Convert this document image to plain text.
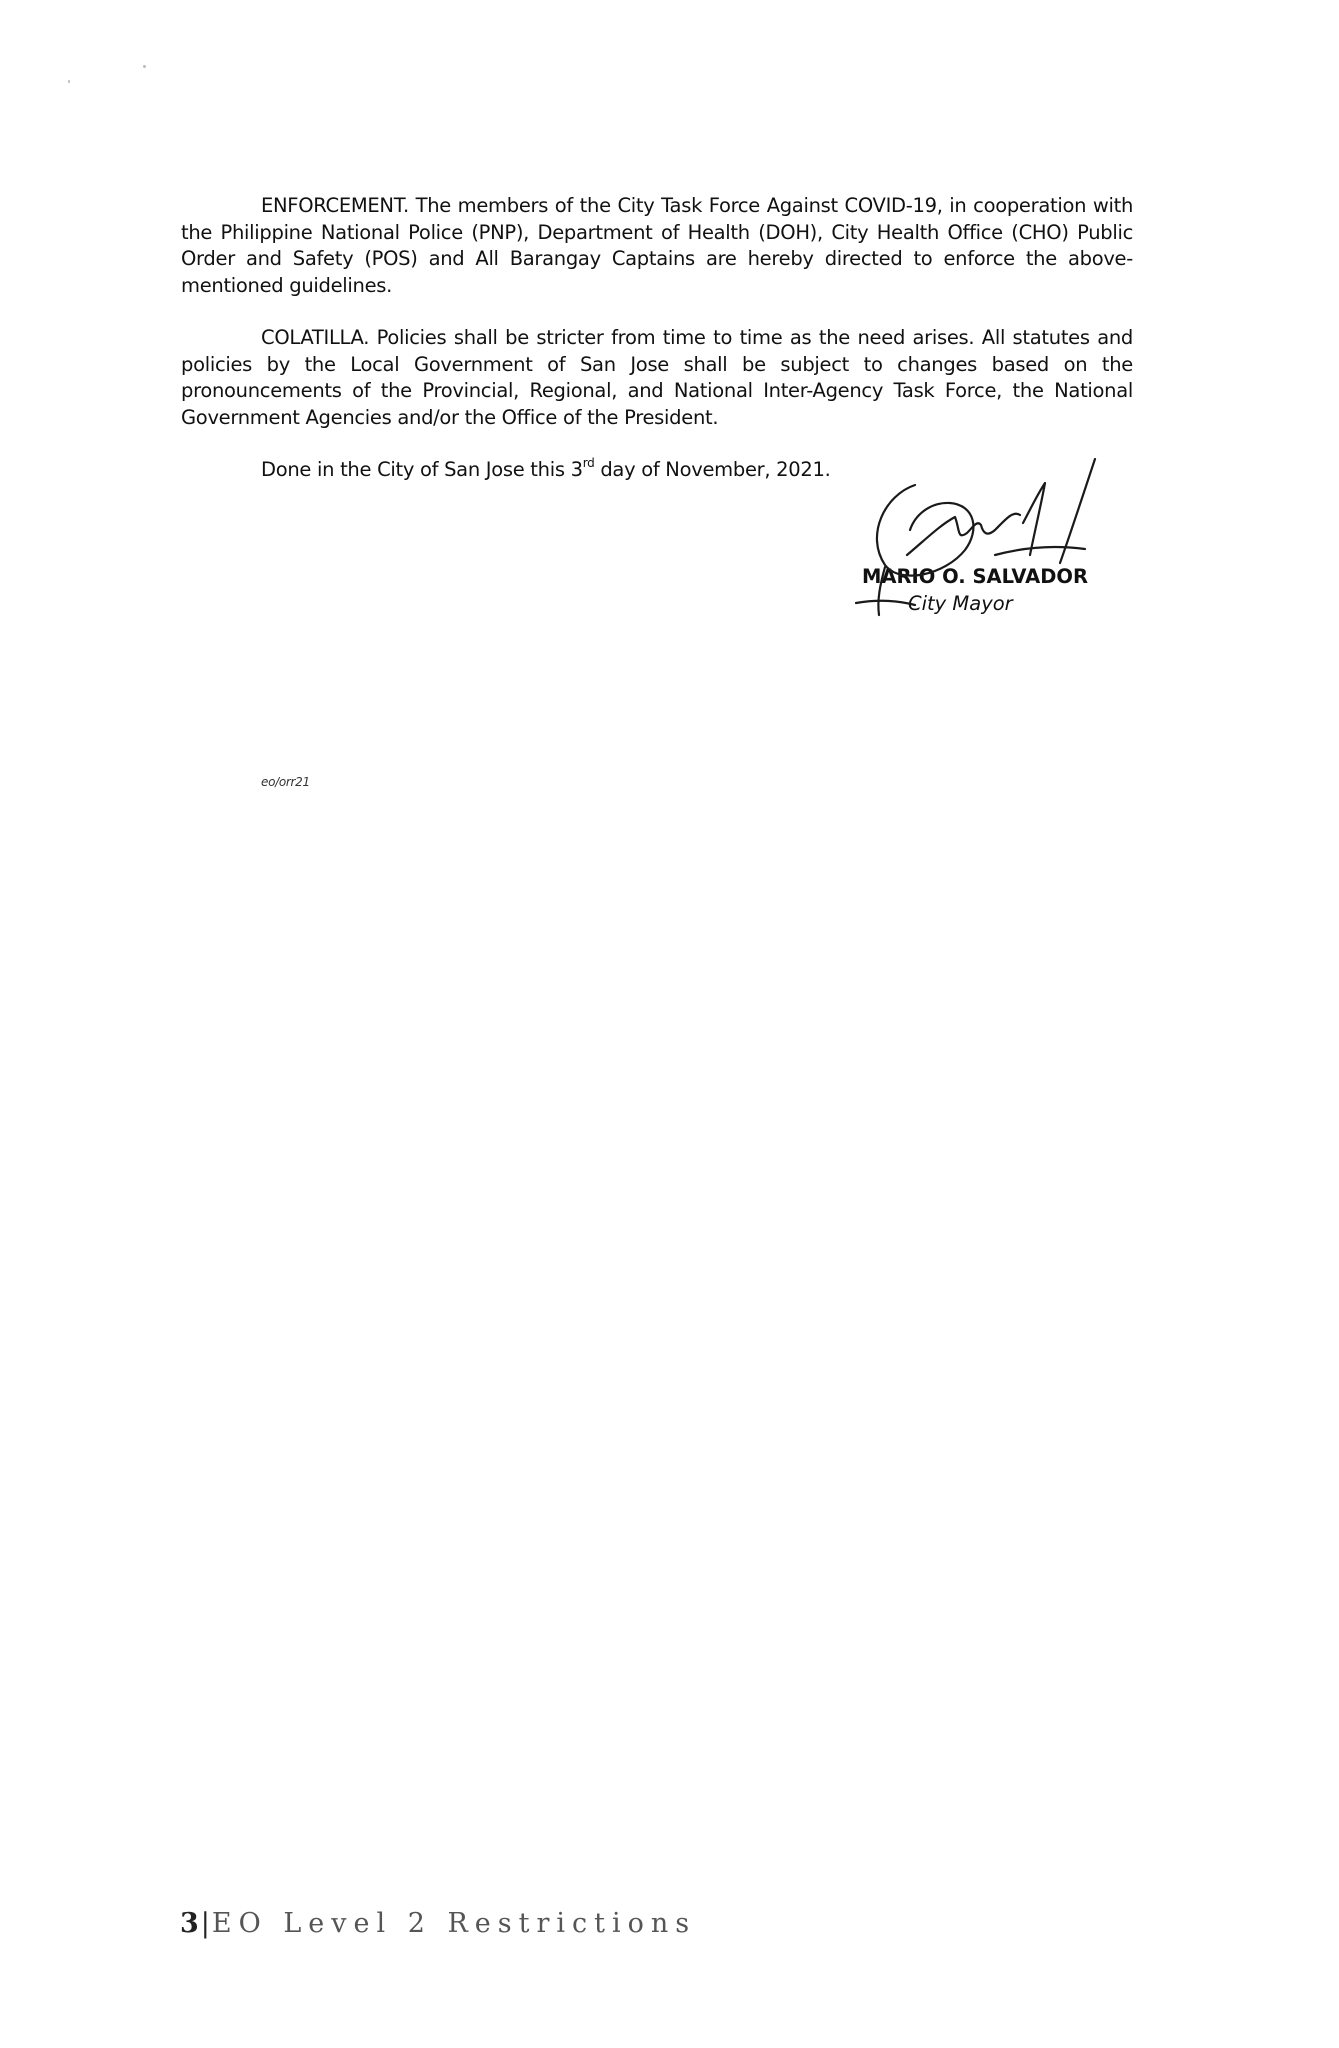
ENFORCEMENT. The members of the City Task Force Against COVID-19, in cooperation with the Philippine National Police (PNP), Department of Health (DOH), City Health Office (CHO) Public Order and Safety (POS) and All Barangay Captains are hereby directed to enforce the above-mentioned guidelines.

COLATILLA. Policies shall be stricter from time to time as the need arises. All statutes and policies by the Local Government of San Jose shall be subject to changes based on the pronouncements of the Provincial, Regional, and National Inter-Agency Task Force, the National Government Agencies and/or the Office of the President.

Done in the City of San Jose this 3rd day of November, 2021.
MARIO O. SALVADOR
City Mayor
eo/orr21
3|EO Level 2 Restrictions
